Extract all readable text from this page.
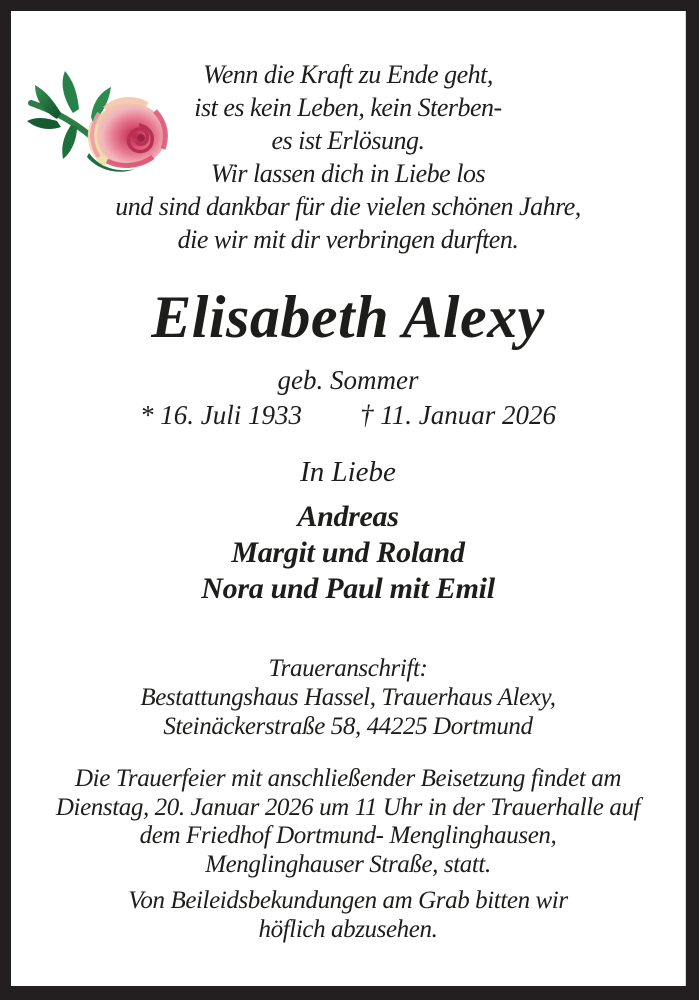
Wenn die Kraft zu Ende geht,
ist es kein Leben, kein Sterben-
es ist Erlösung.
Wir lassen dich in Liebe los
und sind dankbar für die vielen schönen Jahre,
die wir mit dir verbringen durften.
Elisabeth Alexy
geb. Sommer
* 16. Juli 1933 † 11. Januar 2026
In Liebe
Andreas
Margit und Roland
Nora und Paul mit Emil
Traueranschrift:
Bestattungshaus Hassel, Trauerhaus Alexy,
Steinäckerstraße 58, 44225 Dortmund
Die Trauerfeier mit anschließender Beisetzung findet am
Dienstag, 20. Januar 2026 um 11 Uhr in der Trauerhalle auf
dem Friedhof Dortmund- Menglinghausen,
Menglinghauser Straße, statt.
Von Beileidsbekundungen am Grab bitten wir
höflich abzusehen.
